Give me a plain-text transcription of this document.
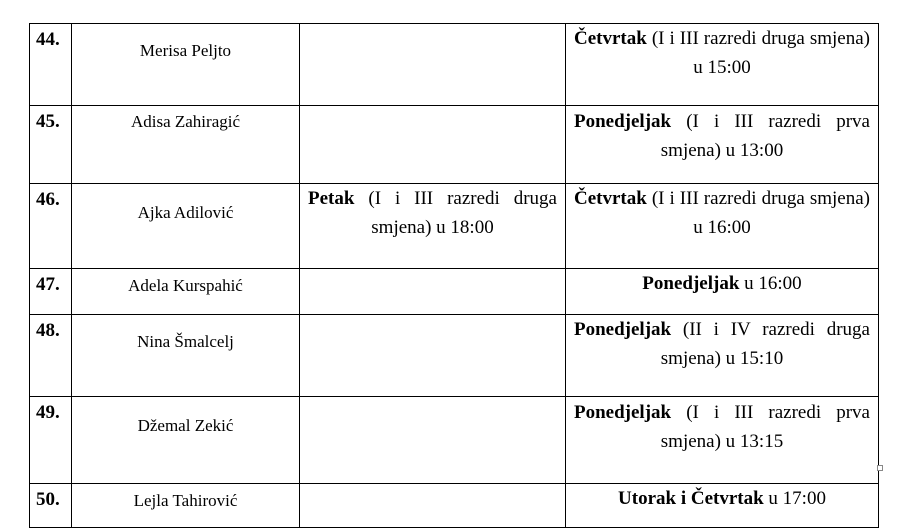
44.	Merisa Peljto		Četvrtak (I i III razredi druga smjena) u 15:00
45.	Adisa Zahiragić		Ponedjeljak (I i III razredi prva smjena) u 13:00
46.	Ajka Adilović	Petak (I i III razredi druga smjena) u 18:00	Četvrtak (I i III razredi druga smjena) u 16:00
47.	Adela Kurspahić		Ponedjeljak u 16:00
48.	Nina Šmalcelj		Ponedjeljak (II i IV razredi druga smjena) u 15:10
49.	Džemal Zekić		Ponedjeljak (I i III razredi prva smjena) u 13:15
50.	Lejla Tahirović		Utorak i Četvrtak u 17:00
